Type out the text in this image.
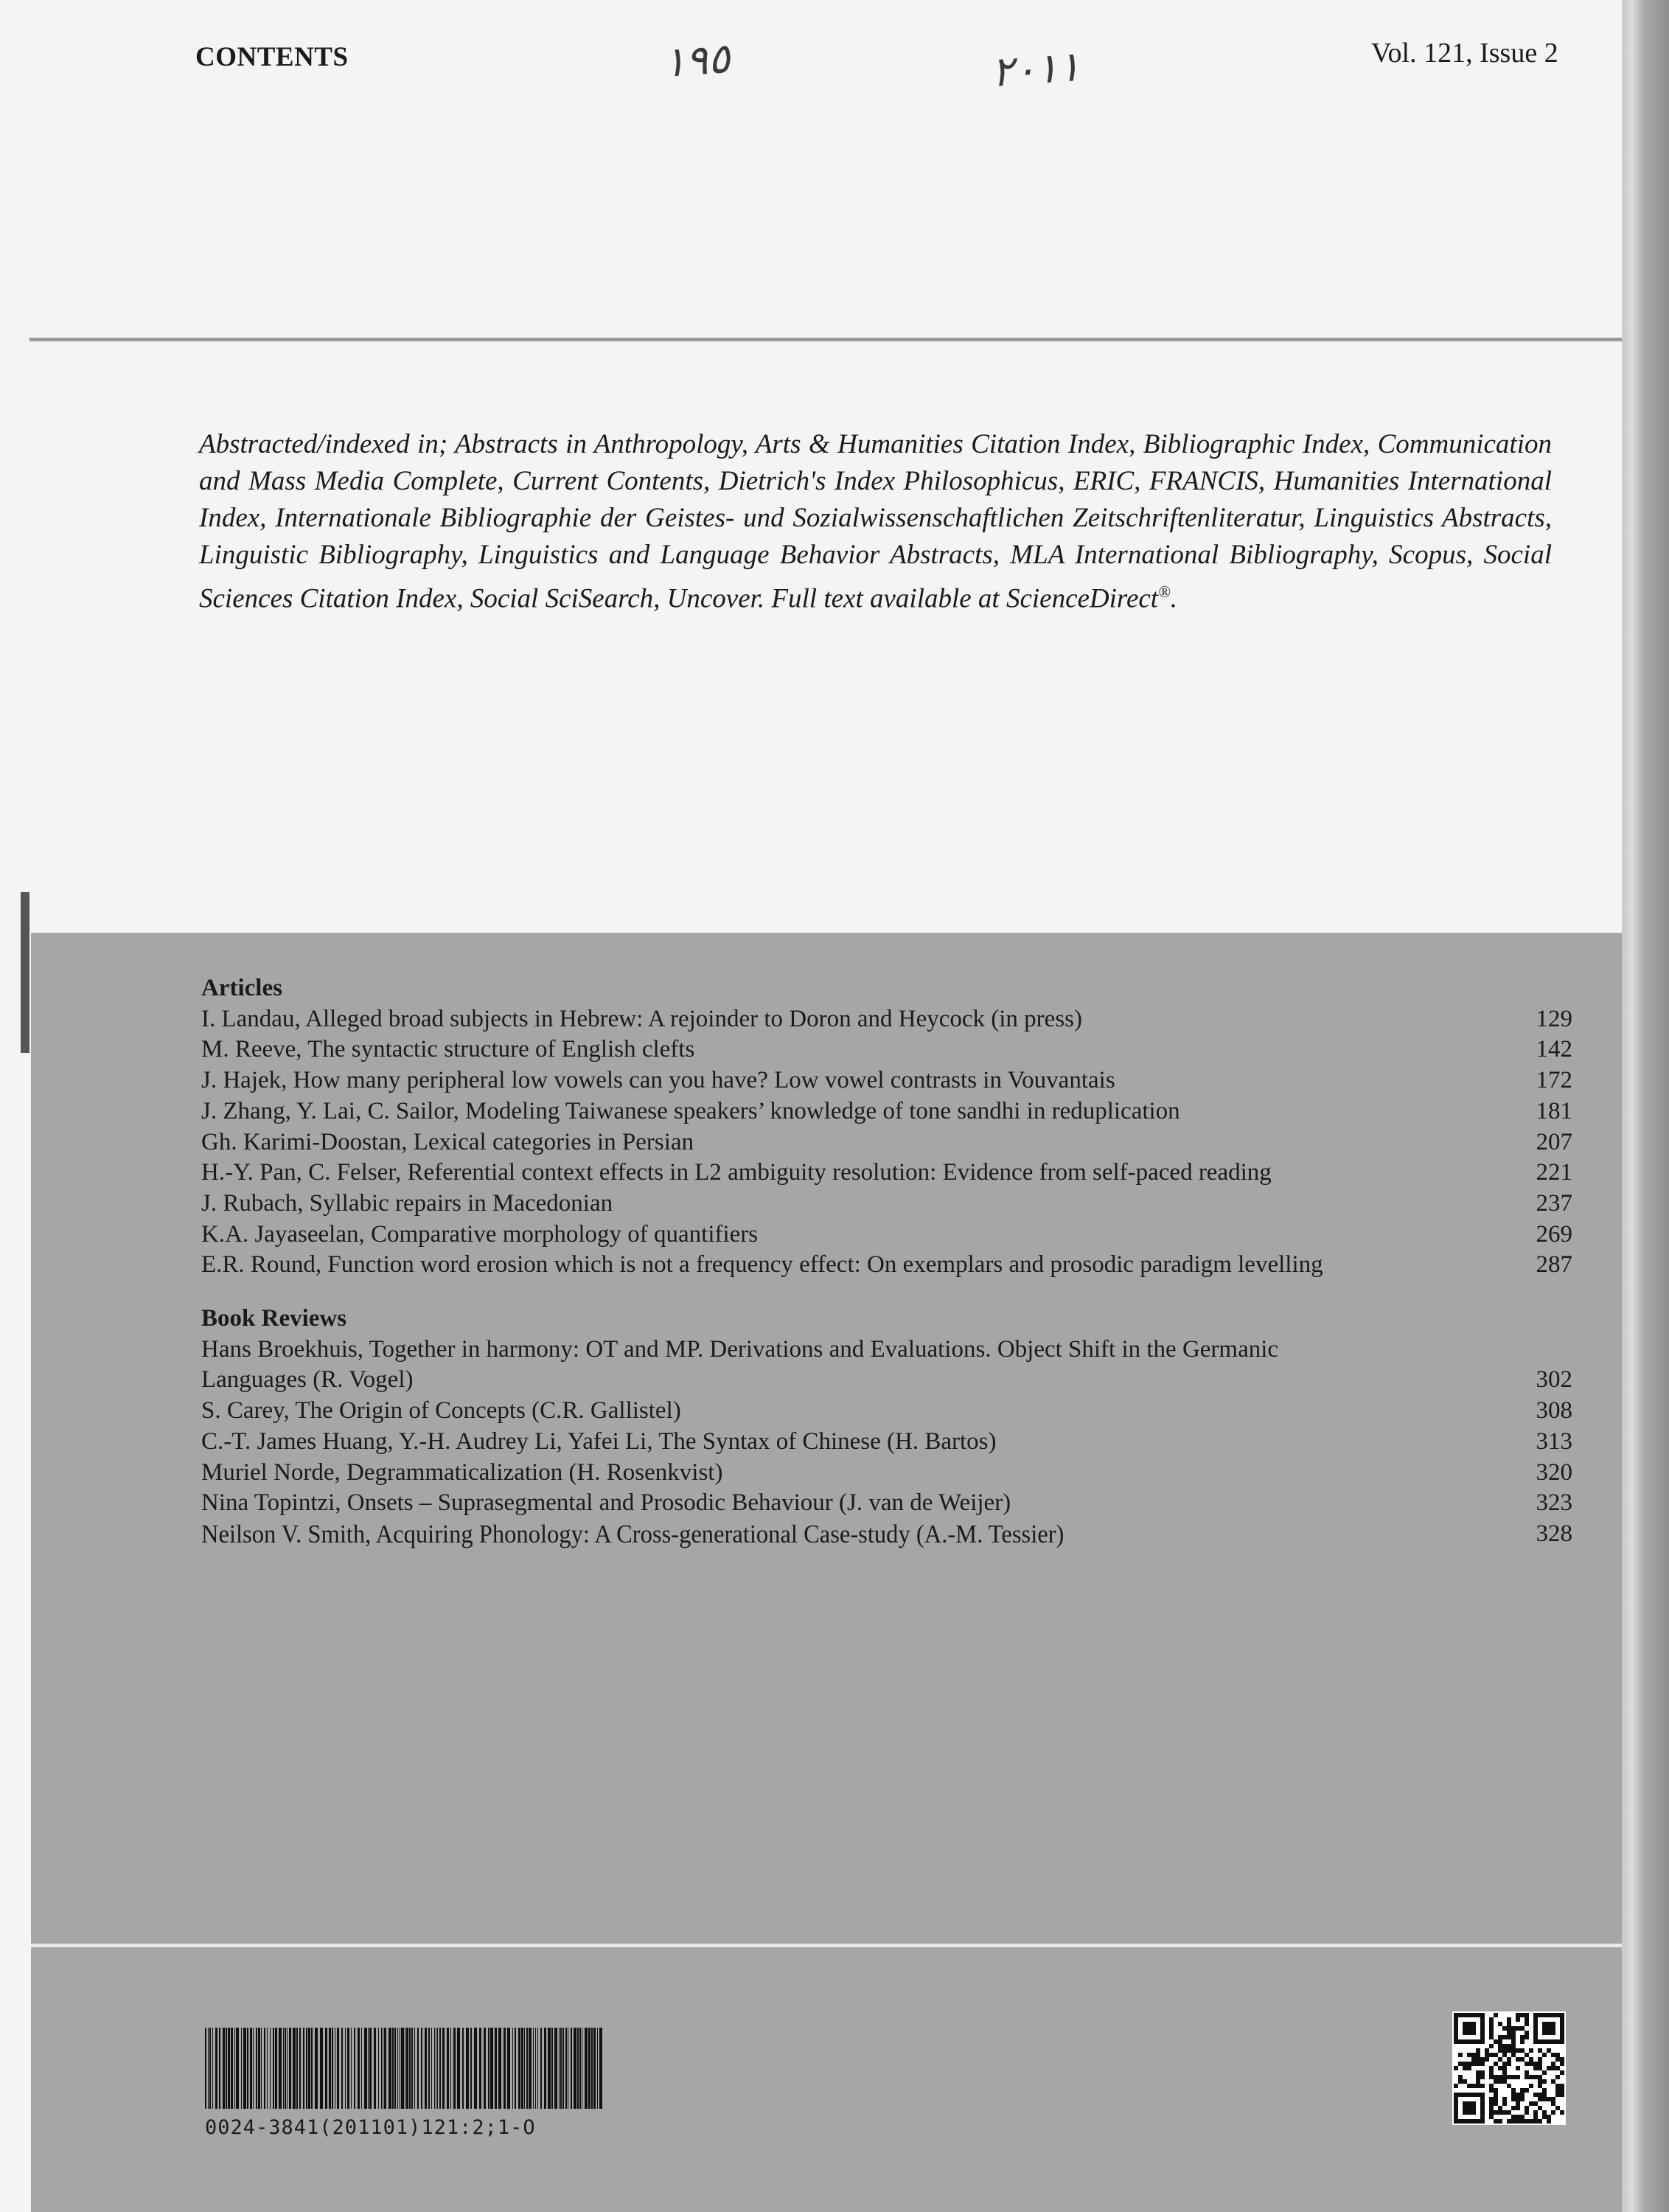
CONTENTS	١٩٥	٢٠١١	Vol. 121, Issue 2
Abstracted/indexed in; Abstracts in Anthropology, Arts & Humanities Citation Index, Bibliographic Index, Communication and Mass Media Complete, Current Contents, Dietrich's Index Philosophicus, ERIC, FRANCIS, Humanities International Index, Internationale Bibliographie der Geistes- und Sozialwissenschaftlichen Zeitschriftenliteratur, Linguistics Abstracts, Linguistic Bibliography, Linguistics and Language Behavior Abstracts, MLA International Bibliography, Scopus, Social Sciences Citation Index, Social SciSearch, Uncover. Full text available at ScienceDirect®.
Articles
I. Landau, Alleged broad subjects in Hebrew: A rejoinder to Doron and Heycock (in press)	129
M. Reeve, The syntactic structure of English clefts	142
J. Hajek, How many peripheral low vowels can you have? Low vowel contrasts in Vouvantais	172
J. Zhang, Y. Lai, C. Sailor, Modeling Taiwanese speakers’ knowledge of tone sandhi in reduplication	181
Gh. Karimi-Doostan, Lexical categories in Persian	207
H.-Y. Pan, C. Felser, Referential context effects in L2 ambiguity resolution: Evidence from self-paced reading	221
J. Rubach, Syllabic repairs in Macedonian	237
K.A. Jayaseelan, Comparative morphology of quantifiers	269
E.R. Round, Function word erosion which is not a frequency effect: On exemplars and prosodic paradigm levelling	287
Book Reviews
Hans Broekhuis, Together in harmony: OT and MP. Derivations and Evaluations. Object Shift in the Germanic
Languages (R. Vogel)	302
S. Carey, The Origin of Concepts (C.R. Gallistel)	308
C.-T. James Huang, Y.-H. Audrey Li, Yafei Li, The Syntax of Chinese (H. Bartos)	313
Muriel Norde, Degrammaticalization (H. Rosenkvist)	320
Nina Topintzi, Onsets – Suprasegmental and Prosodic Behaviour (J. van de Weijer)	323
Neilson V. Smith, Acquiring Phonology: A Cross-generational Case-study (A.-M. Tessier)	328
0024-3841(201101)121:2;1-O
